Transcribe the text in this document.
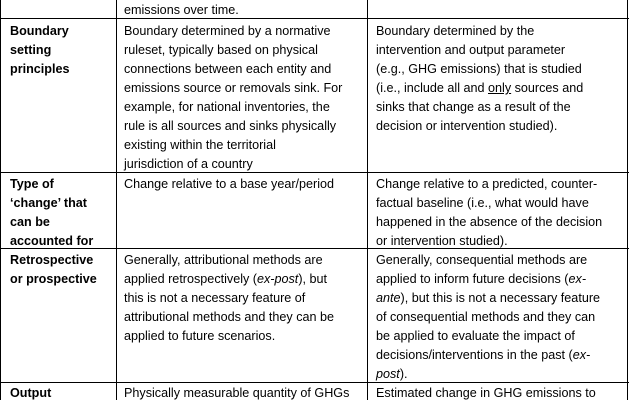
emissions over time.
Boundary
setting
principles
Boundary determined by a normative
ruleset, typically based on physical
connections between each entity and
emissions source or removals sink. For
example, for national inventories, the
rule is all sources and sinks physically
existing within the territorial
jurisdiction of a country
Boundary determined by the
intervention and output parameter
(e.g., GHG emissions) that is studied
(i.e., include all and only sources and
sinks that change as a result of the
decision or intervention studied).
Type of
‘change’ that
can be
accounted for
Change relative to a base year/period	Change relative to a predicted, counter-
factual baseline (i.e., what would have
happened in the absence of the decision
or intervention studied).
Retrospective
or prospective
Generally, attributional methods are
applied retrospectively (ex-post), but
this is not a necessary feature of
attributional methods and they can be
applied to future scenarios.
Generally, consequential methods are
applied to inform future decisions (ex-
ante), but this is not a necessary feature
of consequential methods and they can
be applied to evaluate the impact of
decisions/interventions in the past (ex-
post).
Output	Physically measurable quantity of GHGs Estimated change in GHG emissions to
